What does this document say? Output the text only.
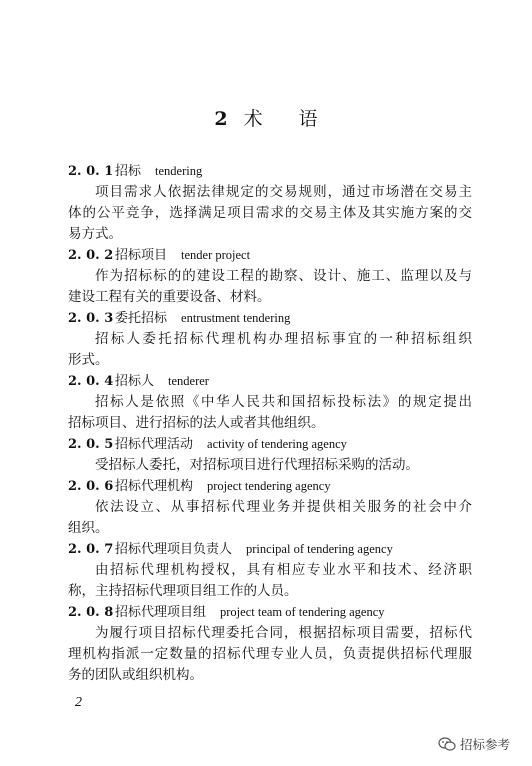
2 术 语
2. 0. 1 招标 tendering
项目需求人依据法律规定的交易规则，通过市场潜在交易主
体的公平竞争，选择满足项目需求的交易主体及其实施方案的交
易方式。
2. 0. 2 招标项目 tender project
作为招标标的的建设工程的勘察、设计、施工、监理以及与
建设工程有关的重要设备、材料。
2. 0. 3 委托招标 entrustment tendering
招标人委托招标代理机构办理招标事宜的一种招标组织
形式。
2. 0. 4 招标人 tenderer
招标人是依照《中华人民共和国招标投标法》的规定提出
招标项目、进行招标的法人或者其他组织。
2. 0. 5 招标代理活动 activity of tendering agency
受招标人委托，对招标项目进行代理招标采购的活动。
2. 0. 6 招标代理机构 project tendering agency
依法设立、从事招标代理业务并提供相关服务的社会中介
组织。
2. 0. 7 招标代理项目负责人 principal of tendering agency
由招标代理机构授权，具有相应专业水平和技术、经济职
称，主持招标代理项目组工作的人员。
2. 0. 8 招标代理项目组 project team of tendering agency
为履行项目招标代理委托合同，根据招标项目需要，招标代
理机构指派一定数量的招标代理专业人员，负责提供招标代理服
务的团队或组织机构。
2
招标参考
